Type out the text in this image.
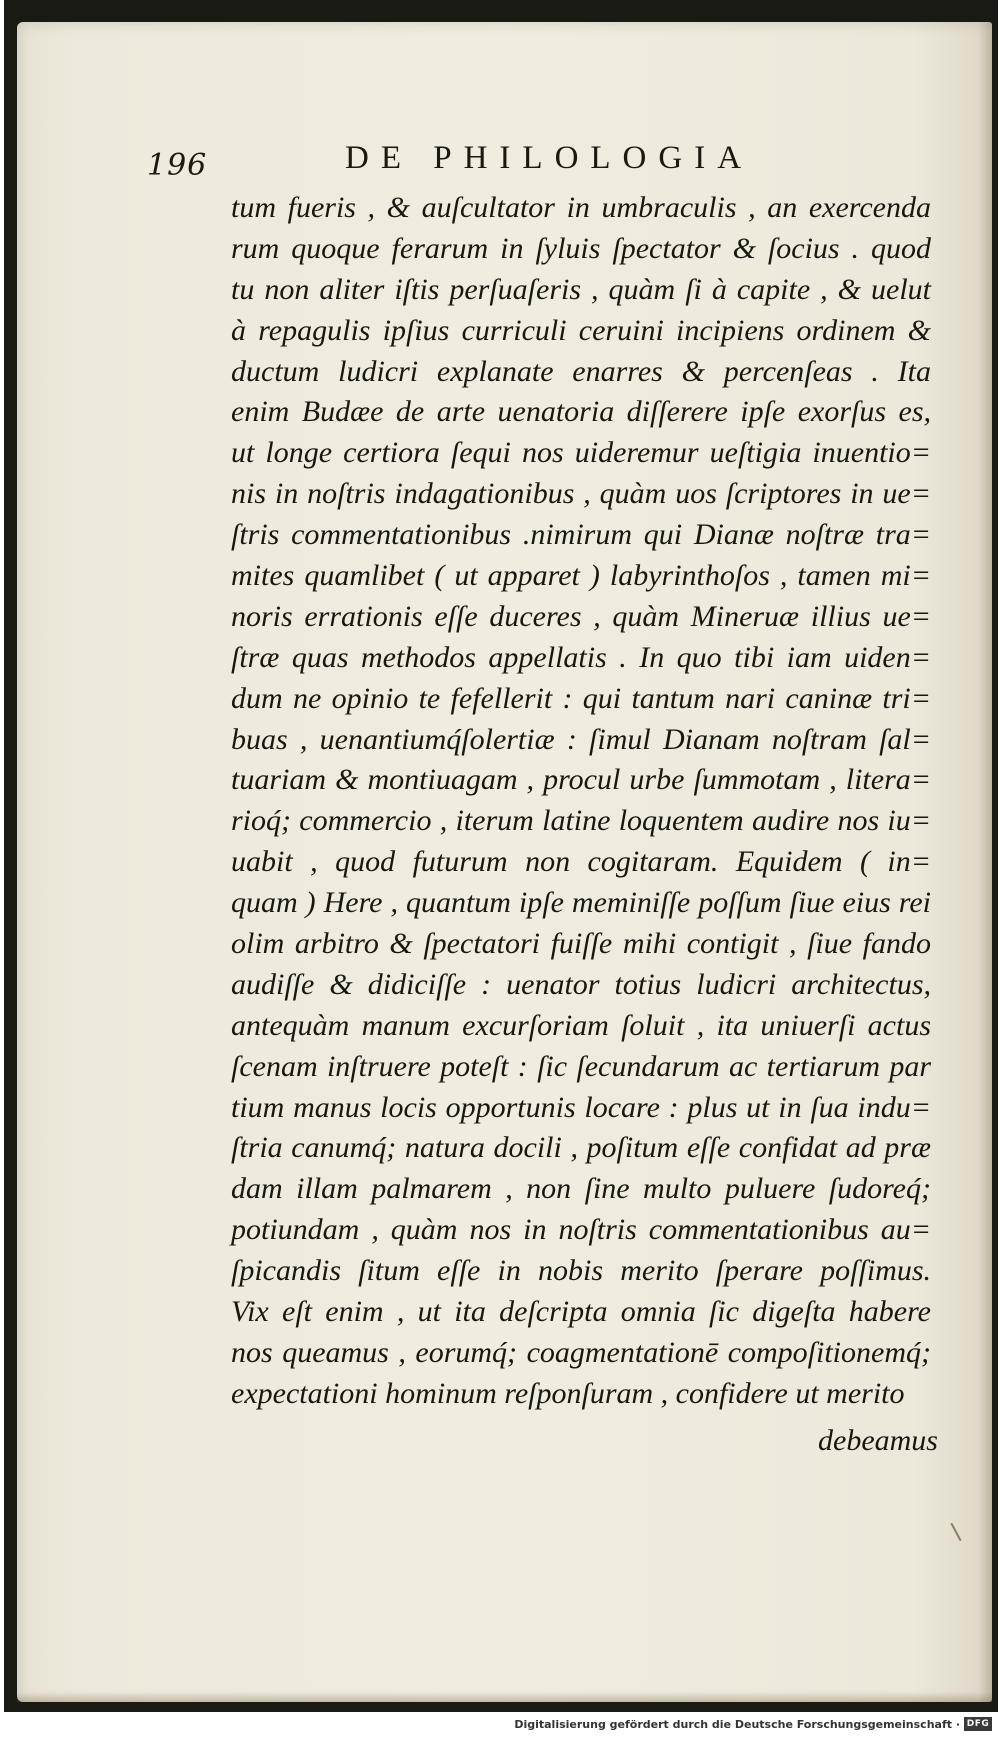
196	DE PHILOLOGIA
tum fueris , & auſcultator in umbraculis , an exercenda
rum quoque ferarum in ſyluis ſpectator & ſocius . quod
tu non aliter iſtis perſuaſeris , quàm ſi à capite , & uelut
à repagulis ipſius curriculi ceruini incipiens ordinem &
ductum ludicri explanate enarres & percenſeas . Ita
enim Budæe de arte uenatoria diſſerere ipſe exorſus es,
ut longe certiora ſequi nos uideremur ueſtigia inuentio=
nis in noſtris indagationibus , quàm uos ſcriptores in ue=
ſtris commentationibus .nimirum qui Dianæ noſtræ tra=
mites quamlibet ( ut apparet ) labyrinthoſos , tamen mi=
noris errationis eſſe duceres , quàm Mineruæ illius ue=
ſtræ quas methodos appellatis . In quo tibi iam uiden=
dum ne opinio te fefellerit : qui tantum nari caninæ tri=
buas , uenantiumq́ſolertiæ : ſimul Dianam noſtram ſal=
tuariam & montiuagam , procul urbe ſummotam , litera=
rioq́; commercio , iterum latine loquentem audire nos iu=
uabit , quod futurum non cogitaram. Equidem ( in=
quam ) Here , quantum ipſe meminiſſe poſſum ſiue eius rei
olim arbitro & ſpectatori fuiſſe mihi contigit , ſiue fando
audiſſe & didiciſſe : uenator totius ludicri architectus,
antequàm manum excurſoriam ſoluit , ita uniuerſi actus
ſcenam inſtruere poteſt : ſic ſecundarum ac tertiarum par
tium manus locis opportunis locare : plus ut in ſua indu=
ſtria canumq́; natura docili , poſitum eſſe confidat ad præ
dam illam palmarem , non ſine multo puluere ſudoreq́;
potiundam , quàm nos in noſtris commentationibus au=
ſpicandis ſitum eſſe in nobis merito ſperare poſſimus.
Vix eſt enim , ut ita deſcripta omnia ſic digeſta habere
nos queamus , eorumq́; coagmentationē compoſitionemq́;
expectationi hominum reſponſuram , confidere ut merito
debeamus
Digitalisierung gefördert durch die Deutsche Forschungsgemeinschaft · DFG
